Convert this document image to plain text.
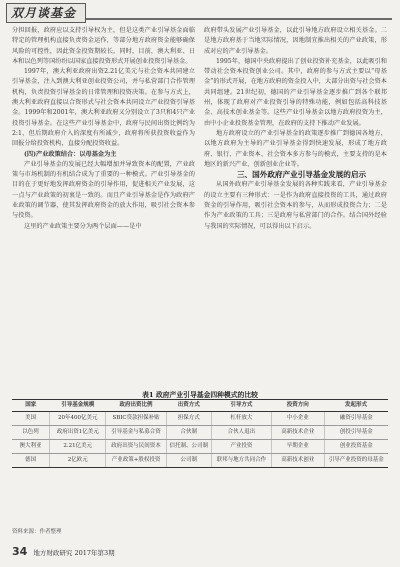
双月谈基金

分担回报，政府应以支持引导权为主，但是这类产业引导基金面临特定的管理机构直接负责资金运作，等部分地方政府资金能够确保风险的可控性，因此资金投资期较长，同时，目前，澳大利亚、日本和以色列等国纷纷以国家直接投资形式开展创业投资引导基金。

1997年，澳大利亚政府出资2.21亿美元与社会资本共同建立引导基金，注入到澳大利亚创业投资公司，并与私营部门合作管理机构，负责投资引导基金的日常管理和投资决策。在参与方式上，澳大利亚政府直接以合资形式与社会资本共同设立产业投资引导基金。1999年和2001年，澳大利亚政府又分别设立了3只和4只产业投资引导基金。在这些产业引导基金中，政府与民间出资比例约为2:1，但后期政府介入的深度有所减少，政府将所获投资收益作为回报分给投资机构，直接分配投资收益。

(四)产业政策结合：以母基金为主

产业引导基金的发展已经大幅增加并导致资本的配置，产业政策与市场机制的有机结合成为了重要的一种模式。产业引导基金的目的在于更好地发挥政府资金的引导作用，促进相关产业发展，这一点与产业政策的初衷是一致的。而且产业引导基金是作为政府产业政策的调节器，使其发挥政府资金的放大作用，吸引社会资本参与投资。

这里的产业政策主要分为两个层面——是中

政府带头发展产业引导基金，以此引导地方政府设立相关基金。二是地方政府基于当地实际情况，因地制宜推出相关的产业政策，形成对应的产业引导基金。

1995年，德国中央政府提出了创业投资补充基金，以此吸引和带动社会资本投资创业公司。其中，政府的参与方式主要以“母基金”的形式开展，在地方政府的资金投入中，大部分出资与社会资本共同组建。21世纪初，德国的产业引导基金逐步推广到各个联邦州，体现了政府对产业投资引导的特殊功能，例如包括高科技基金、高技术创业基金等。这些产业引导基金以地方政府投资为主，由中小企业投资基金管理，在政府的支持下推动产业发展。

地方政府设立的产业引导基金的政策逐步推广到德国各地方，以地方政府为主导的产业引导基金得到快速发展，形成了地方政府、银行、产业资本、社会资本多方参与的模式，主要支持的是本地区的新兴产业、创新创业企业等。

三、国外政府产业引导基金发展的启示

从国外政府产业引导基金发展的各种实践来看，产业引导基金的设立主要有三种形式：一是作为政府直接投资的工具，通过政府资金的引导作用，吸引社会资本的参与，从而形成投资合力；二是作为产业政策的工具；三是政府与私营部门的合作。结合国外经验与我国的实际情况，可以得出以下启示。

表1 政府产业引导基金四种模式的比较
国家	引导基金规模	政府出资比例	出资方式	引导方式	投资方向	发起形式
美国	20年400亿美元	SBIC贷款担保补贴	担保方式	杠杆放大	中小企业	融资引导基金
以色列	政府出资1亿美元	引导基金与私募合资	合伙制	合伙人退出	高新技术企业	创投引导基金
澳大利亚	2.21亿美元	政府出资与民间资本	信托制、公司制	产业投资	早期企业	创业投资基金
德国	2亿欧元	产业政策+股权投资	公司制	联邦与地方共同合作	高新技术创业	引导产业投资的母基金
资料来源：作者整理
34 地方财政研究 2017年第3期
